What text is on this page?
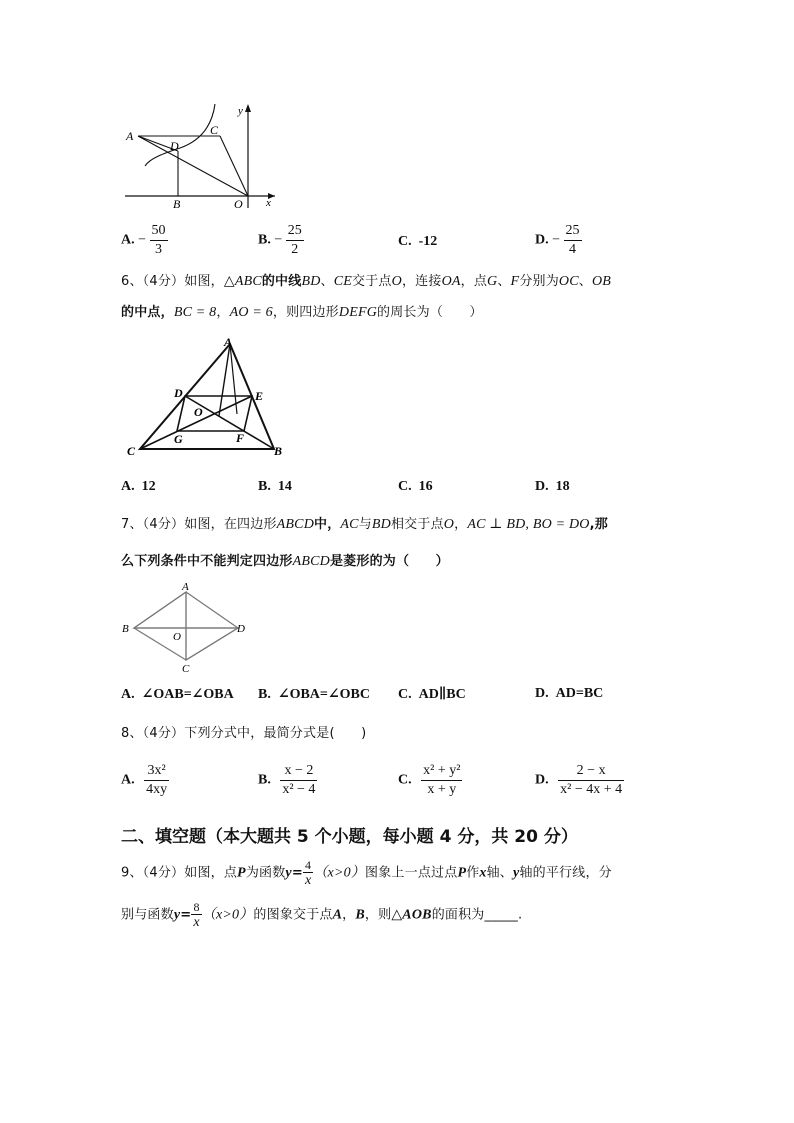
A	C
D
B	O x
y
A. − $\frac{50}{3}$	B. − $\frac{25}{2}$	C. -12	D. − $\frac{25}{4}$
6、（4分）如图，△ABC的中线BD、CE交于点O，连接OA，点G、F分别为OC、OB
的中点，BC = 8，AO = 6，则四边形DEFG的周长为（　　）
A
D	E
O
G	F
C	B
A. 12	B. 14	C. 16	D. 18
7、（4分）如图，在四边形ABCD中，AC与BD相交于点O，AC ⊥ BD, BO = DO,那
么下列条件中不能判定四边形ABCD是菱形的为（　　）
A
B
O
D
C
A. ∠OAB=∠OBA B. ∠OBA=∠OBC C. AD∥BC	D. AD=BC
8、（4分）下列分式中，最简分式是(　　)
A. $\frac{\text{3x²}}{4xy}$	B. $\frac{x - 2}{\text{x² − 4}}$	C. $\frac{\text{x² + y²}}{x + y}$	D. $\frac{2 - x}{\text{x² − 4x + 4}}$
二、填空题（本大题共 5 个小题，每小题 4 分，共 20 分）
9、（4分）如图，点P为函数$y= \frac{4}{x} (x>0)$图象上一点过点P作x轴、y轴的平行线，分
别与函数$y= \frac{8}{x} (x>0)$的图象交于点A，B，则△AOB的面积为_____.
